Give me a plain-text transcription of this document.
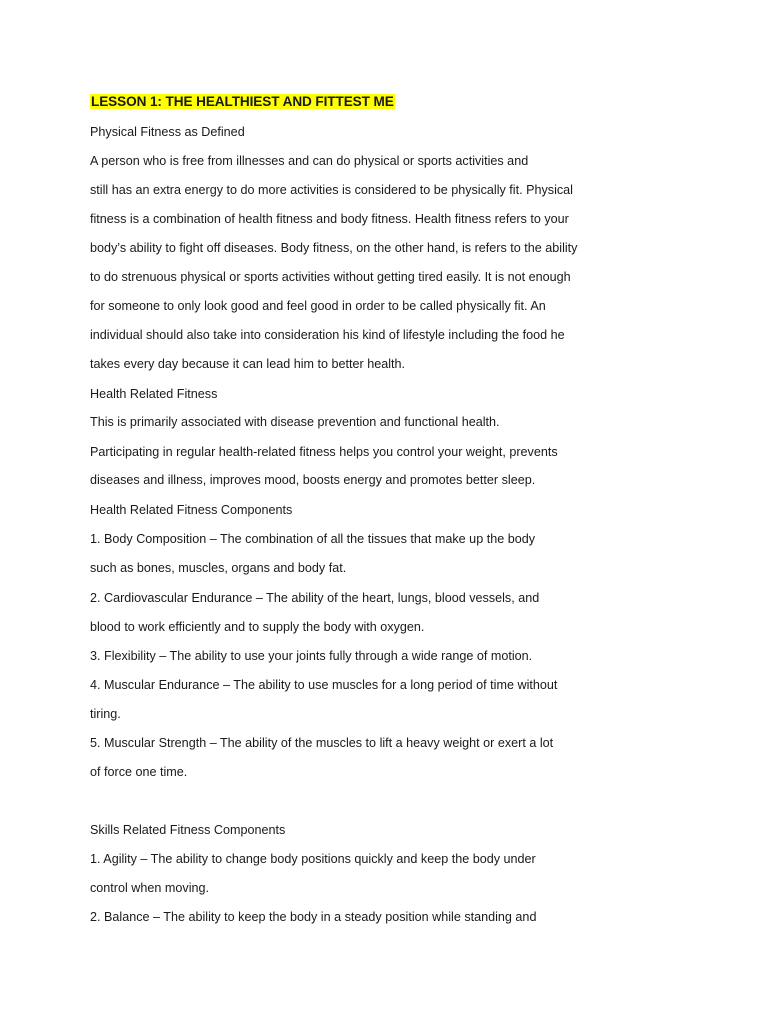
LESSON 1: THE HEALTHIEST AND FITTEST ME
Physical Fitness as Defined
A person who is free from illnesses and can do physical or sports activities and
still has an extra energy to do more activities is considered to be physically fit. Physical
fitness is a combination of health fitness and body fitness. Health fitness refers to your
body’s ability to fight off diseases. Body fitness, on the other hand, is refers to the ability
to do strenuous physical or sports activities without getting tired easily. It is not enough
for someone to only look good and feel good in order to be called physically fit. An
individual should also take into consideration his kind of lifestyle including the food he
takes every day because it can lead him to better health.
Health Related Fitness
This is primarily associated with disease prevention and functional health.
Participating in regular health-related fitness helps you control your weight, prevents
diseases and illness, improves mood, boosts energy and promotes better sleep.
Health Related Fitness Components
1. Body Composition – The combination of all the tissues that make up the body
such as bones, muscles, organs and body fat.
2. Cardiovascular Endurance – The ability of the heart, lungs, blood vessels, and
blood to work efficiently and to supply the body with oxygen.
3. Flexibility – The ability to use your joints fully through a wide range of motion.
4. Muscular Endurance – The ability to use muscles for a long period of time without
tiring.
5. Muscular Strength – The ability of the muscles to lift a heavy weight or exert a lot
of force one time.
Skills Related Fitness Components
1. Agility – The ability to change body positions quickly and keep the body under
control when moving.
2. Balance – The ability to keep the body in a steady position while standing and
